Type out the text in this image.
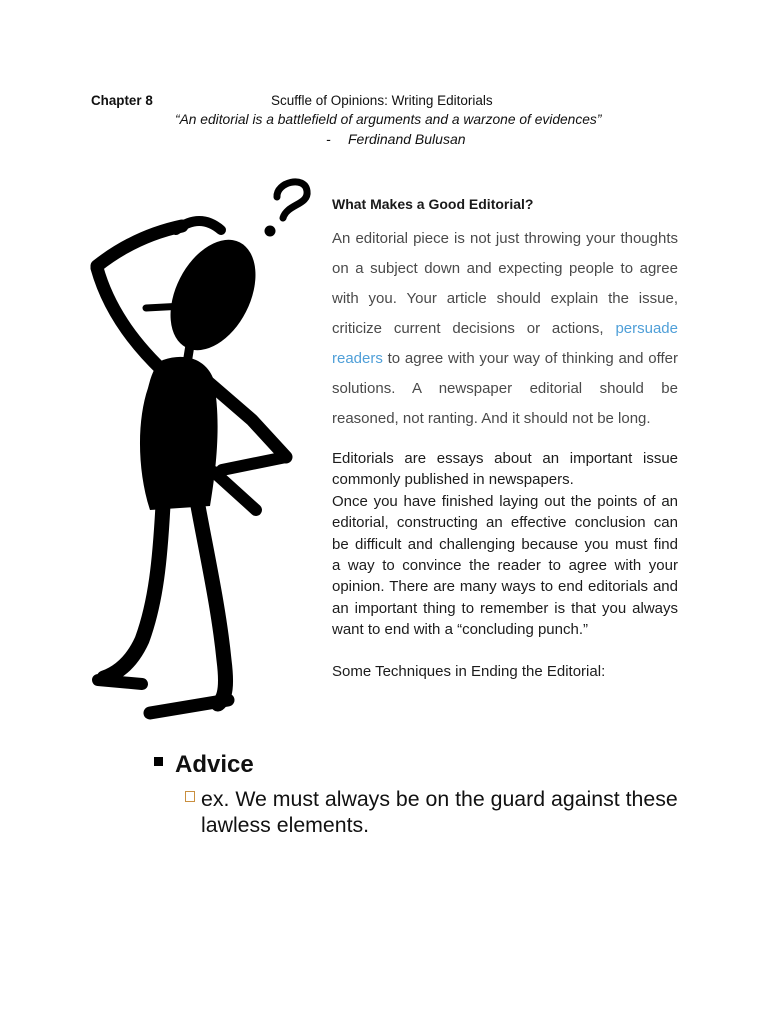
Chapter 8	Scuffle of Opinions: Writing Editorials
“An editorial is a battlefield of arguments and a warzone of evidences”
- Ferdinand Bulusan
What Makes a Good Editorial?
An editorial piece is not just throwing your thoughts
on a subject down and expecting people to agree
with you. Your article should explain the issue,
criticize current decisions or actions, persuade
readers to agree with your way of thinking and offer
solutions. A newspaper editorial should be
reasoned, not ranting. And it should not be long.
Editorials are essays about an important issue
commonly published in newspapers.
Once you have finished laying out the points of an
editorial, constructing an effective conclusion can
be difficult and challenging because you must find
a way to convince the reader to agree with your
opinion. There are many ways to end editorials and
an important thing to remember is that you always
want to end with a “concluding punch.”
Some Techniques in Ending the Editorial:
Advice
ex. We must always be on the guard against these
lawless elements.
